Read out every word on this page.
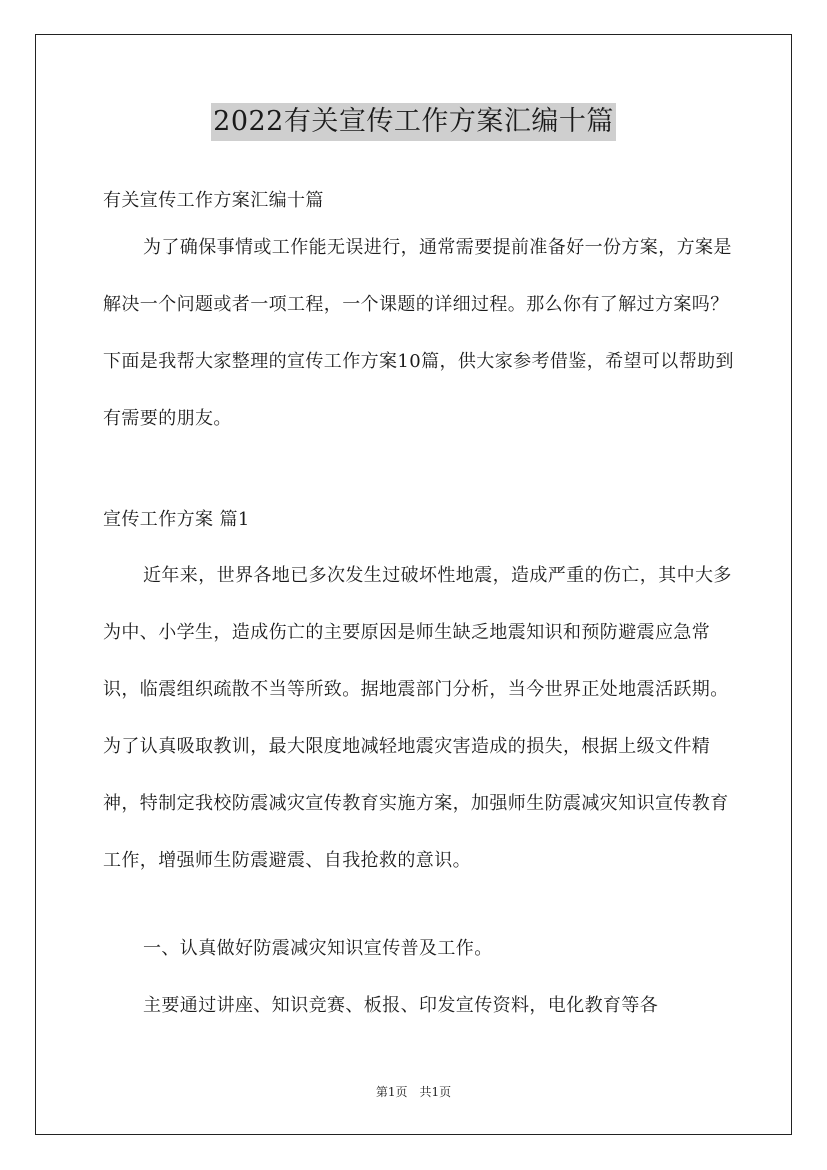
2022有关宣传工作方案汇编十篇

有关宣传工作方案汇编十篇

为了确保事情或工作能无误进行，通常需要提前准备好一份方案，方案是解决一个问题或者一项工程，一个课题的详细过程。那么你有了解过方案吗？下面是我帮大家整理的宣传工作方案10篇，供大家参考借鉴，希望可以帮助到有需要的朋友。

宣传工作方案 篇1

近年来，世界各地已多次发生过破坏性地震，造成严重的伤亡，其中大多为中、小学生，造成伤亡的主要原因是师生缺乏地震知识和预防避震应急常识，临震组织疏散不当等所致。据地震部门分析，当今世界正处地震活跃期。为了认真吸取教训，最大限度地减轻地震灾害造成的损失，根据上级文件精神，特制定我校防震减灾宣传教育实施方案，加强师生防震减灾知识宣传教育工作，增强师生防震避震、自我抢救的意识。

一、认真做好防震减灾知识宣传普及工作。

主要通过讲座、知识竞赛、板报、印发宣传资料，电化教育等各

第1页　共1页
